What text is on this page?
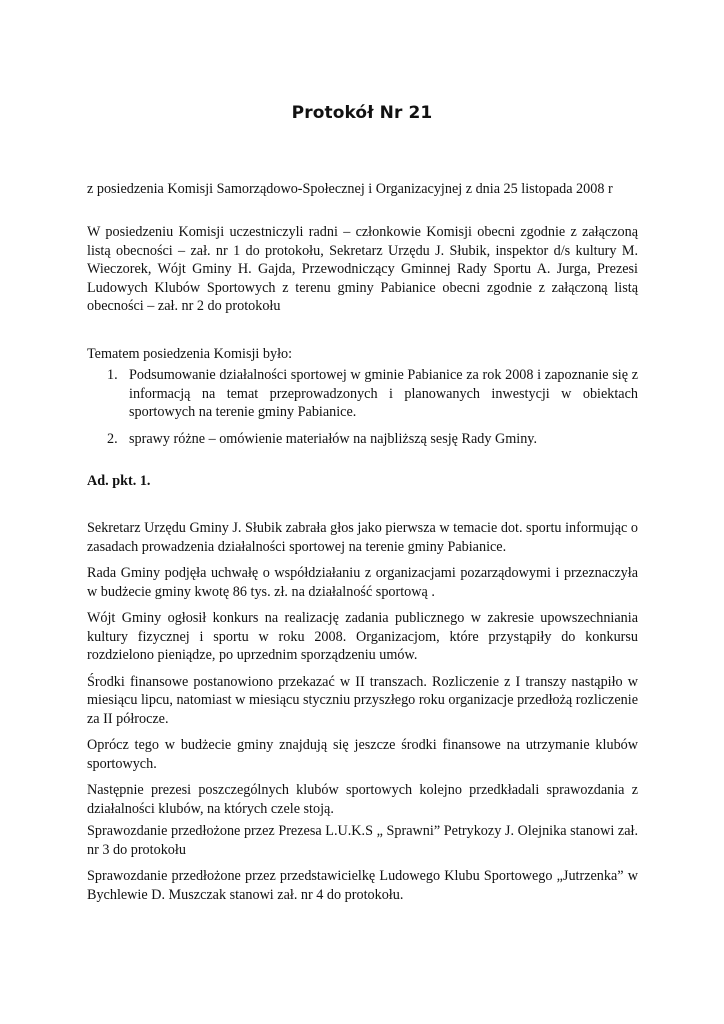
Protokół Nr 21
z posiedzenia Komisji Samorządowo-Społecznej i Organizacyjnej z dnia 25 listopada 2008 r

W posiedzeniu Komisji uczestniczyli radni – członkowie Komisji obecni zgodnie z załączoną listą obecności – zał. nr 1 do protokołu, Sekretarz Urzędu J. Słubik, inspektor d/s kultury M. Wieczorek, Wójt Gminy H. Gajda, Przewodniczący Gminnej Rady Sportu A. Jurga, Prezesi Ludowych Klubów Sportowych z terenu gminy Pabianice obecni zgodnie z załączoną listą obecności – zał. nr 2 do protokołu

Tematem posiedzenia Komisji było:
1. Podsumowanie działalności sportowej w gminie Pabianice za rok 2008 i zapoznanie się z informacją na temat przeprowadzonych i planowanych inwestycji w obiektach sportowych na terenie gminy Pabianice.
2. sprawy różne – omówienie materiałów na najbliższą sesję Rady Gminy.
Ad. pkt. 1.

Sekretarz Urzędu Gminy J. Słubik zabrała głos jako pierwsza w temacie dot. sportu informując o zasadach prowadzenia działalności sportowej na terenie gminy Pabianice.

Rada Gminy podjęła uchwałę o współdziałaniu z organizacjami pozarządowymi i przeznaczyła w budżecie gminy kwotę 86 tys. zł. na działalność sportową .

Wójt Gminy ogłosił konkurs na realizację zadania publicznego w zakresie upowszechniania kultury fizycznej i sportu w roku 2008. Organizacjom, które przystąpiły do konkursu rozdzielono pieniądze, po uprzednim sporządzeniu umów.

Środki finansowe postanowiono przekazać w II transzach. Rozliczenie z I transzy nastąpiło w miesiącu lipcu, natomiast w miesiącu styczniu przyszłego roku organizacje przedłożą rozliczenie za II półrocze.

Oprócz tego w budżecie gminy znajdują się jeszcze środki finansowe na utrzymanie klubów sportowych.

Następnie prezesi poszczególnych klubów sportowych kolejno przedkładali sprawozdania z działalności klubów, na których czele stoją.

Sprawozdanie przedłożone przez Prezesa L.U.K.S „ Sprawni” Petrykozy J. Olejnika stanowi zał. nr 3 do protokołu

Sprawozdanie przedłożone przez przedstawicielkę Ludowego Klubu Sportowego „Jutrzenka” w Bychlewie D. Muszczak stanowi zał. nr 4 do protokołu.
